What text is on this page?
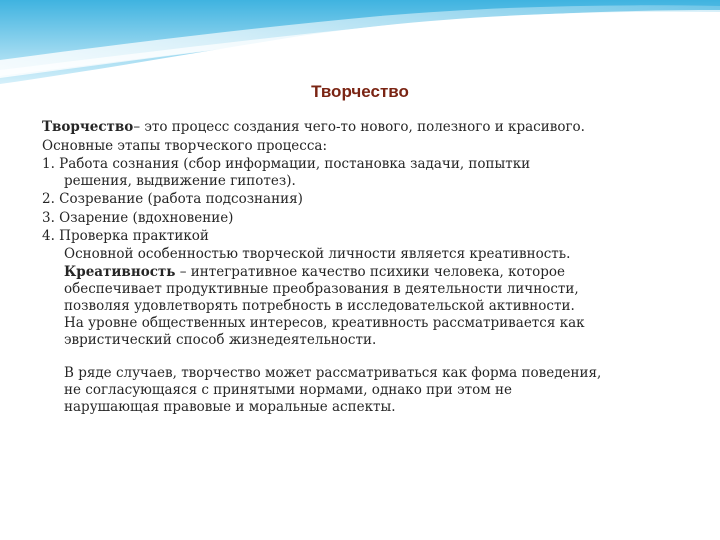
Творчество

Творчество– это процесс создания чего-то нового, полезного и красивого.

Основные этапы творческого процесса:

1. Работа сознания (сбор информации, постановка задачи, попытки

решения, выдвижение гипотез).

2. Созревание (работа подсознания)

3. Озарение (вдохновение)

4. Проверка практикой

Основной особенностью творческой личности является креативность.

Креативность – интегративное качество психики человека, которое

обеспечивает продуктивные преобразования в деятельности личности,

позволяя удовлетворять потребность в исследовательской активности.

На уровне общественных интересов, креативность рассматривается как

эвристический способ жизнедеятельности.

В ряде случаев, творчество может рассматриваться как форма поведения,

не согласующаяся с принятыми нормами, однако при этом не

нарушающая правовые и моральные аспекты.
